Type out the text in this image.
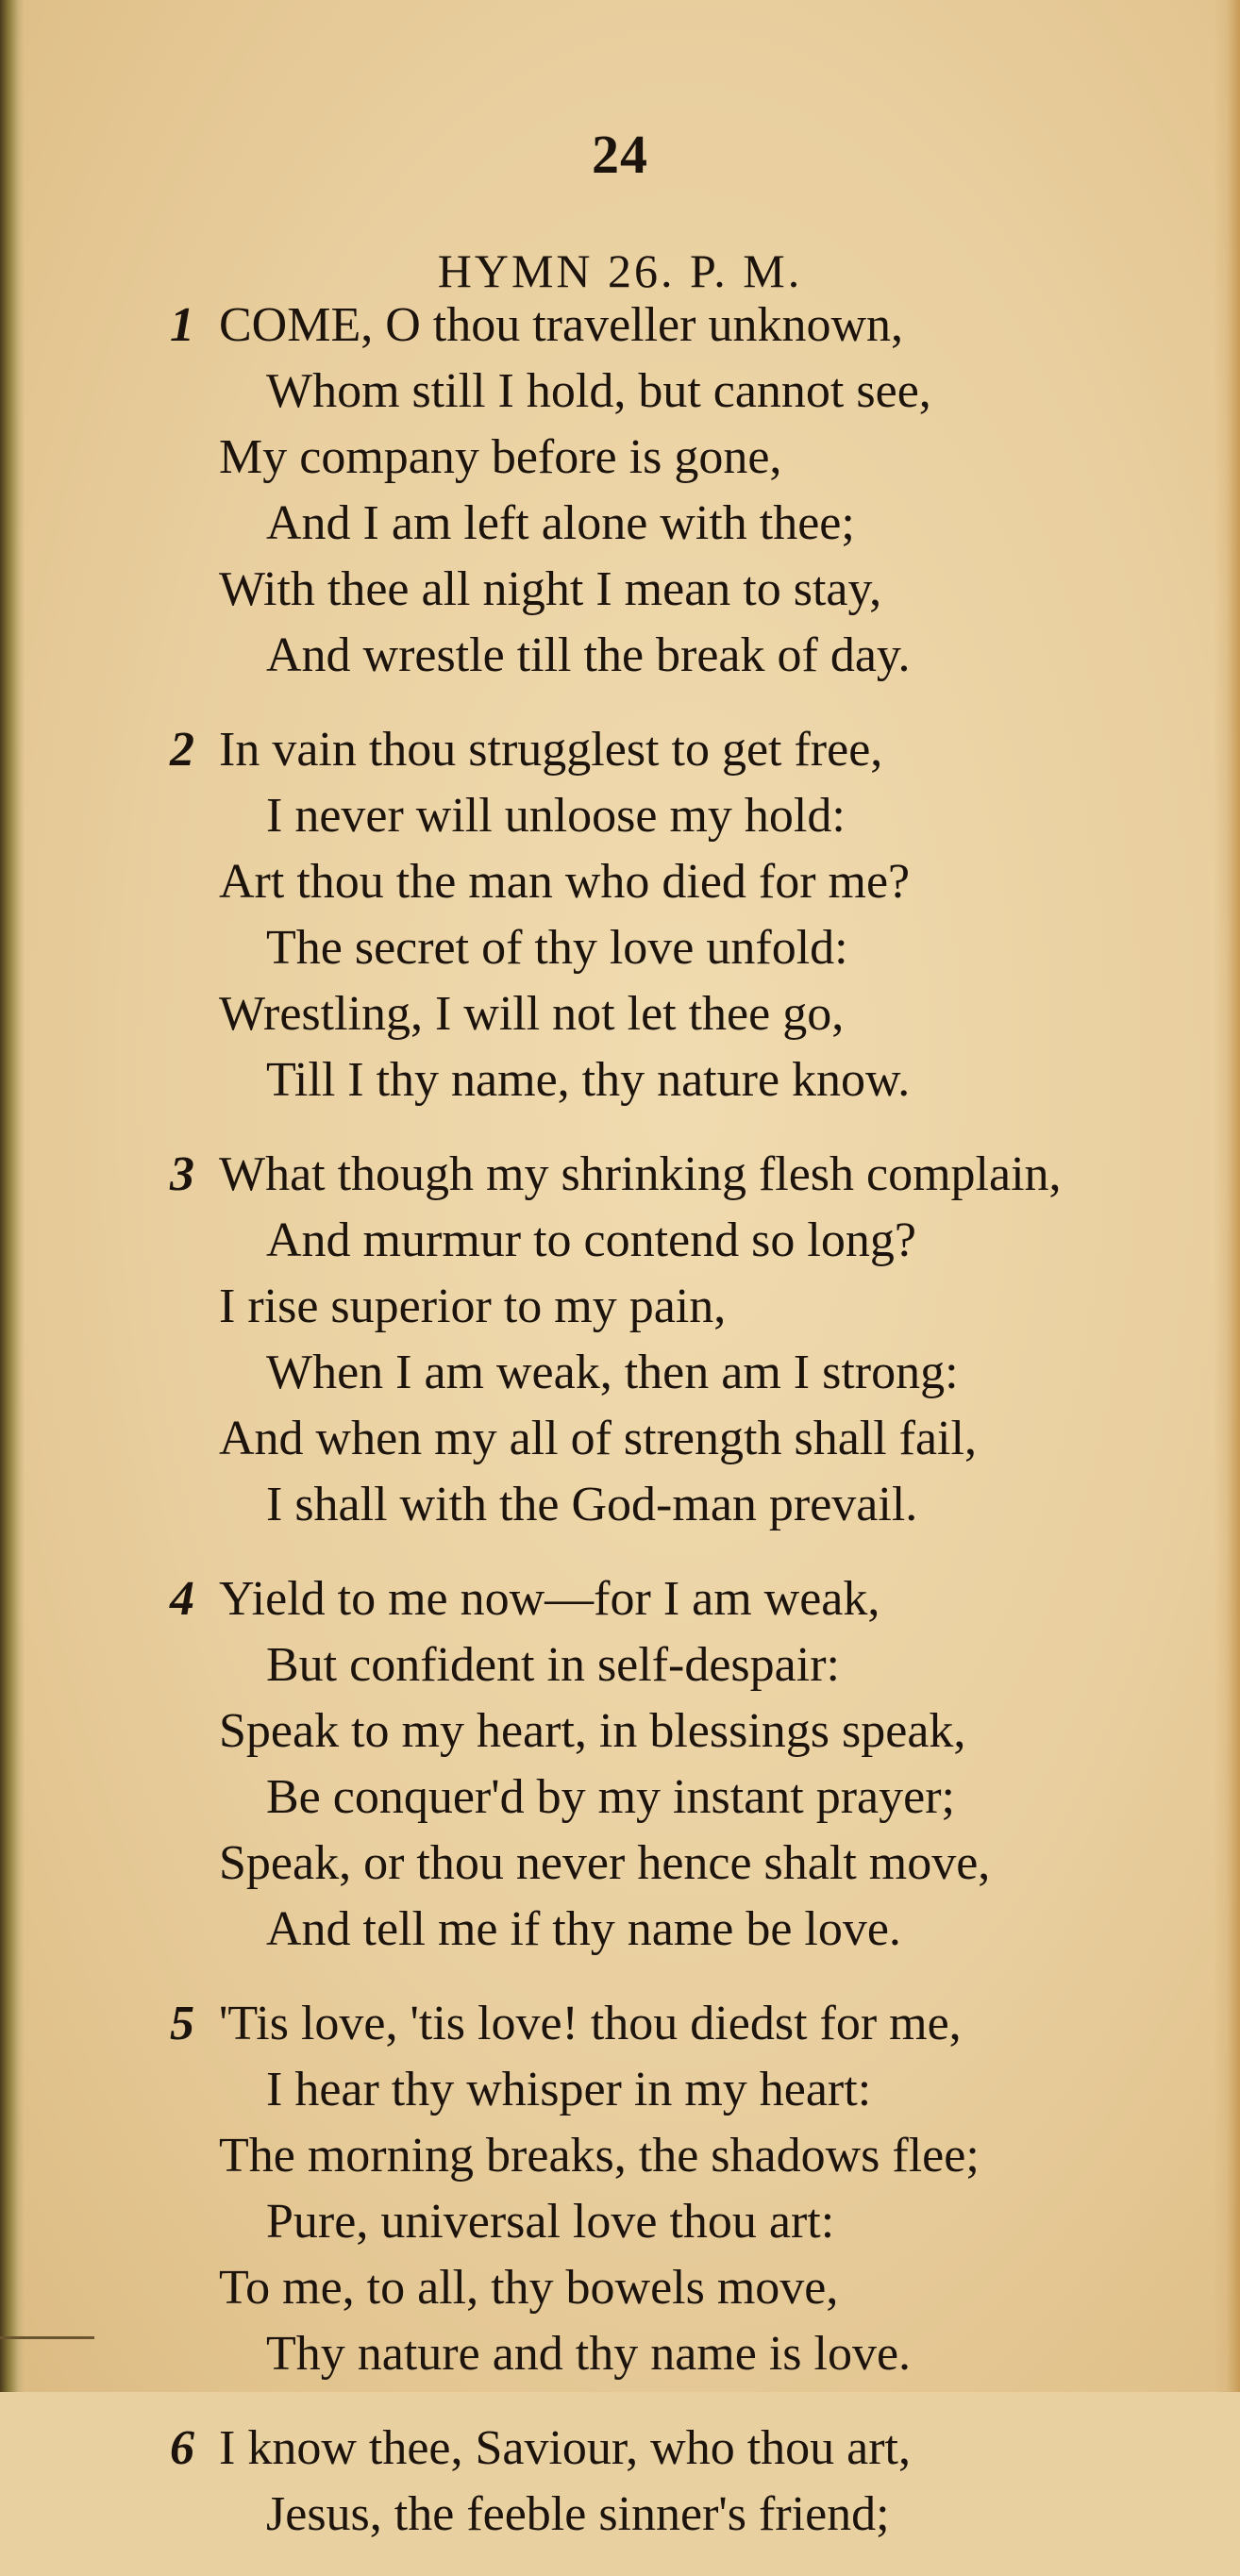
24
HYMN 26. P. M.
1 COME, O thou traveller unknown,
Whom still I hold, but cannot see,
My company before is gone,
And I am left alone with thee;
With thee all night I mean to stay,
And wrestle till the break of day.
2 In vain thou strugglest to get free,
I never will unloose my hold:
Art thou the man who died for me?
The secret of thy love unfold:
Wrestling, I will not let thee go,
Till I thy name, thy nature know.
3 What though my shrinking flesh complain,
And murmur to contend so long?
I rise superior to my pain,
When I am weak, then am I strong:
And when my all of strength shall fail,
I shall with the God-man prevail.
4 Yield to me now—for I am weak,
But confident in self-despair:
Speak to my heart, in blessings speak,
Be conquer'd by my instant prayer;
Speak, or thou never hence shalt move,
And tell me if thy name be love.
5 'Tis love, 'tis love! thou diedst for me,
I hear thy whisper in my heart:
The morning breaks, the shadows flee;
Pure, universal love thou art:
To me, to all, thy bowels move,
Thy nature and thy name is love.
6 I know thee, Saviour, who thou art,
Jesus, the feeble sinner's friend;
